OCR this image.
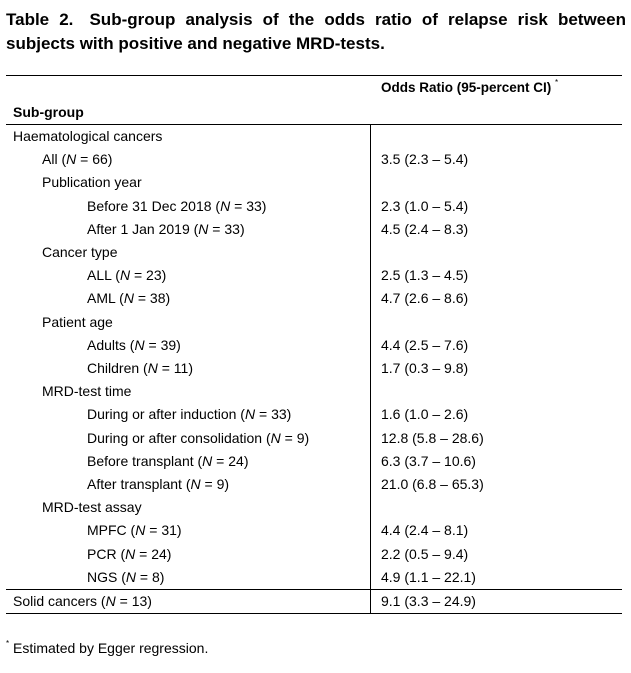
Table 2. Sub-group analysis of the odds ratio of relapse risk between subjects with positive and negative MRD-tests.
Odds Ratio (95-percent CI) *
Sub-group
Haematological cancers
All (N = 66)	3.5 (2.3 – 5.4)
Publication year
Before 31 Dec 2018 (N = 33)	2.3 (1.0 – 5.4)
After 1 Jan 2019 (N = 33)	4.5 (2.4 – 8.3)
Cancer type
ALL (N = 23)	2.5 (1.3 – 4.5)
AML (N = 38)	4.7 (2.6 – 8.6)
Patient age
Adults (N = 39)	4.4 (2.5 – 7.6)
Children (N = 11)	1.7 (0.3 – 9.8)
MRD-test time
During or after induction (N = 33)	1.6 (1.0 – 2.6)
During or after consolidation (N = 9)	12.8 (5.8 – 28.6)
Before transplant (N = 24)	6.3 (3.7 – 10.6)
After transplant (N = 9)	21.0 (6.8 – 65.3)
MRD-test assay
MPFC (N = 31)	4.4 (2.4 – 8.1)
PCR (N = 24)	2.2 (0.5 – 9.4)
NGS (N = 8)	4.9 (1.1 – 22.1)
Solid cancers (N = 13)	9.1 (3.3 – 24.9)
* Estimated by Egger regression.
